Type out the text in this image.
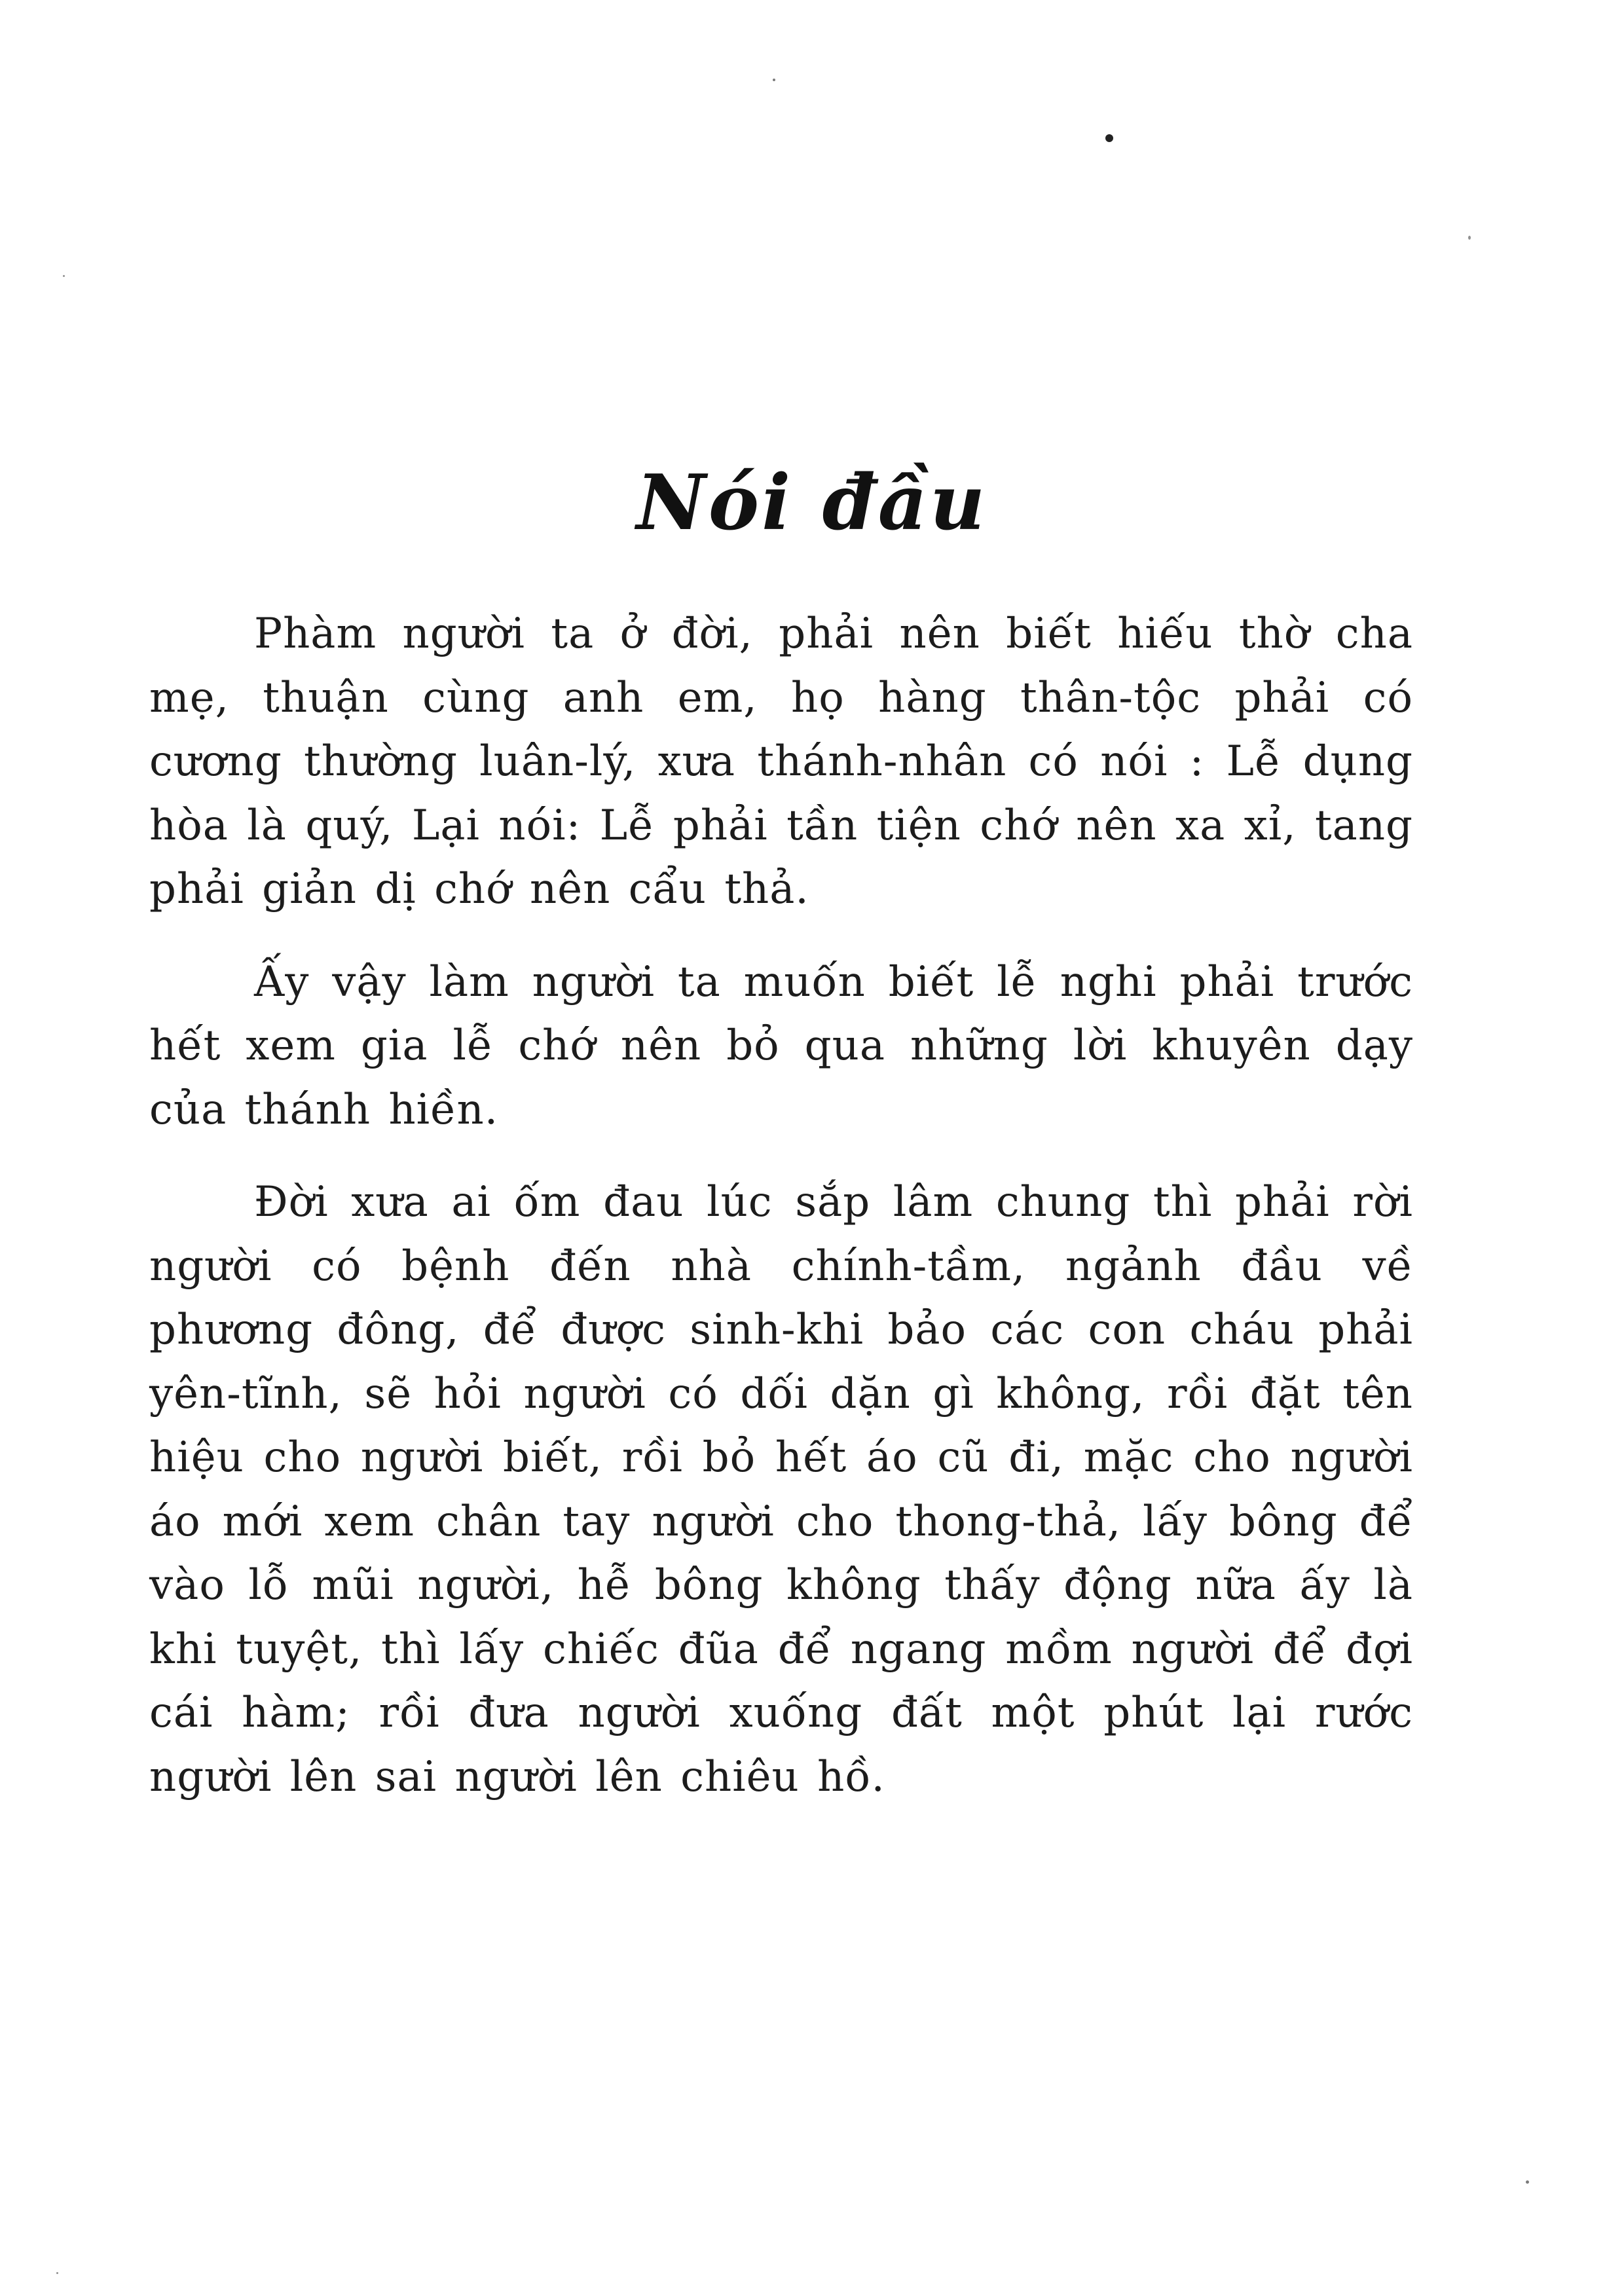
Nói đầu

Phàm người ta ở đời, phải nên biết hiếu thờ cha mẹ, thuận cùng anh em, họ hàng thân-tộc phải có cương thường luân-lý, xưa thánh-nhân có nói : Lễ dụng hòa là quý, Lại nói: Lễ phải tần tiện chớ nên xa xỉ, tang phải giản dị chớ nên cẩu thả.

Ấy vậy làm người ta muốn biết lễ nghi phải trước hết xem gia lễ chớ nên bỏ qua những lời khuyên dạy của thánh hiền.

Đời xưa ai ốm đau lúc sắp lâm chung thì phải rời người có bệnh đến nhà chính-tầm, ngảnh đầu về phương đông, để được sinh-khi bảo các con cháu phải yên-tĩnh, sẽ hỏi người có dối dặn gì không, rồi đặt tên hiệu cho người biết, rồi bỏ hết áo cũ đi, mặc cho người áo mới xem chân tay người cho thong-thả, lấy bông để vào lỗ mũi người, hễ bông không thấy động nữa ấy là khi tuyệt, thì lấy chiếc đũa để ngang mồm người để đợi cái hàm; rồi đưa người xuống đất một phút lại rước người lên sai người lên chiêu hồ.
